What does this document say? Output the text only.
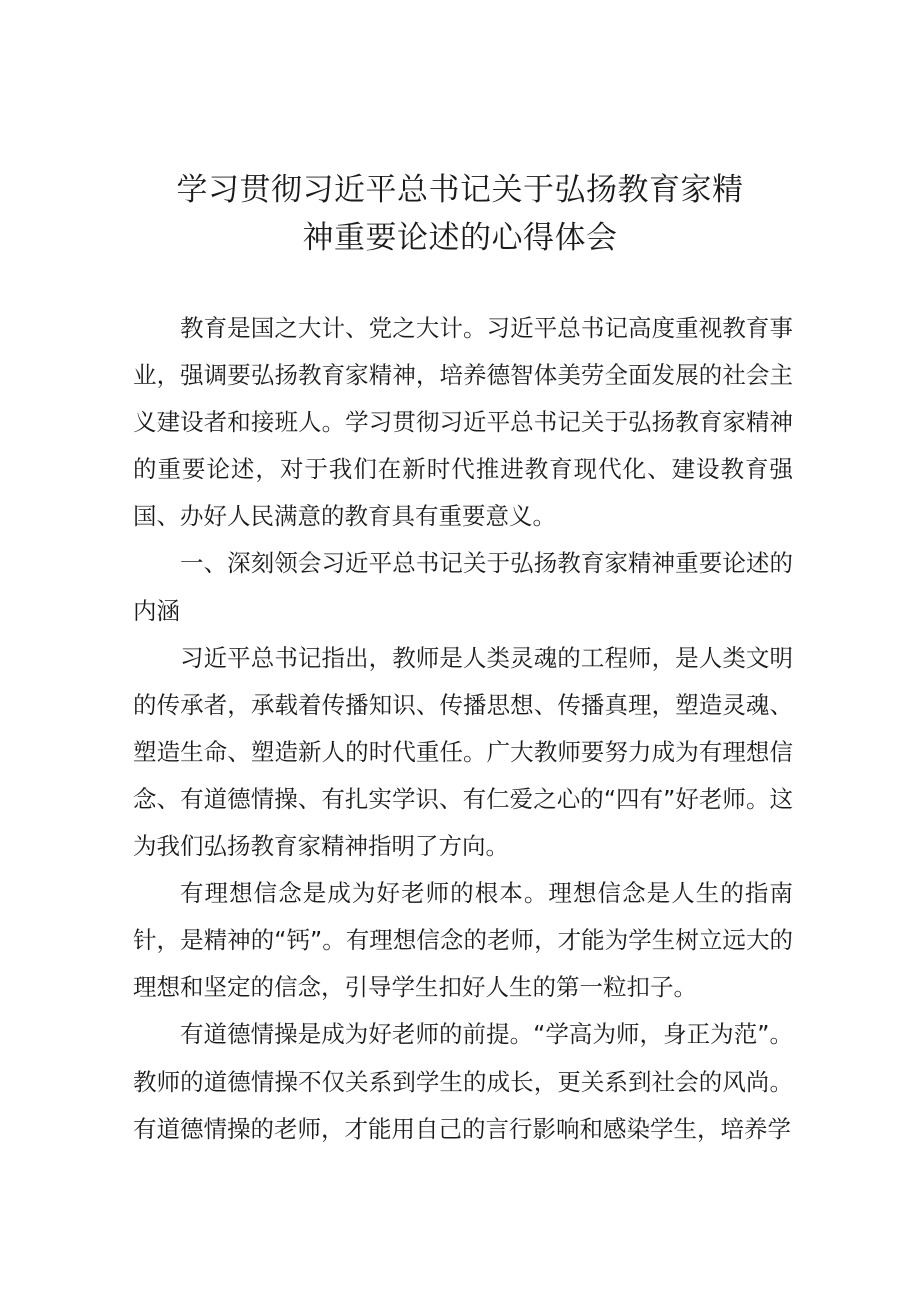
学习贯彻习近平总书记关于弘扬教育家精
神重要论述的心得体会

教育是国之大计、党之大计。习近平总书记高度重视教育事业，强调要弘扬教育家精神，培养德智体美劳全面发展的社会主义建设者和接班人。学习贯彻习近平总书记关于弘扬教育家精神的重要论述，对于我们在新时代推进教育现代化、建设教育强国、办好人民满意的教育具有重要意义。

一、深刻领会习近平总书记关于弘扬教育家精神重要论述的内涵

习近平总书记指出，教师是人类灵魂的工程师，是人类文明的传承者，承载着传播知识、传播思想、传播真理，塑造灵魂、塑造生命、塑造新人的时代重任。广大教师要努力成为有理想信念、有道德情操、有扎实学识、有仁爱之心的“四有”好老师。这为我们弘扬教育家精神指明了方向。

有理想信念是成为好老师的根本。理想信念是人生的指南针，是精神的“钙”。有理想信念的老师，才能为学生树立远大的理想和坚定的信念，引导学生扣好人生的第一粒扣子。

有道德情操是成为好老师的前提。“学高为师，身正为范”。教师的道德情操不仅关系到学生的成长，更关系到社会的风尚。有道德情操的老师，才能用自己的言行影响和感染学生，培养学
